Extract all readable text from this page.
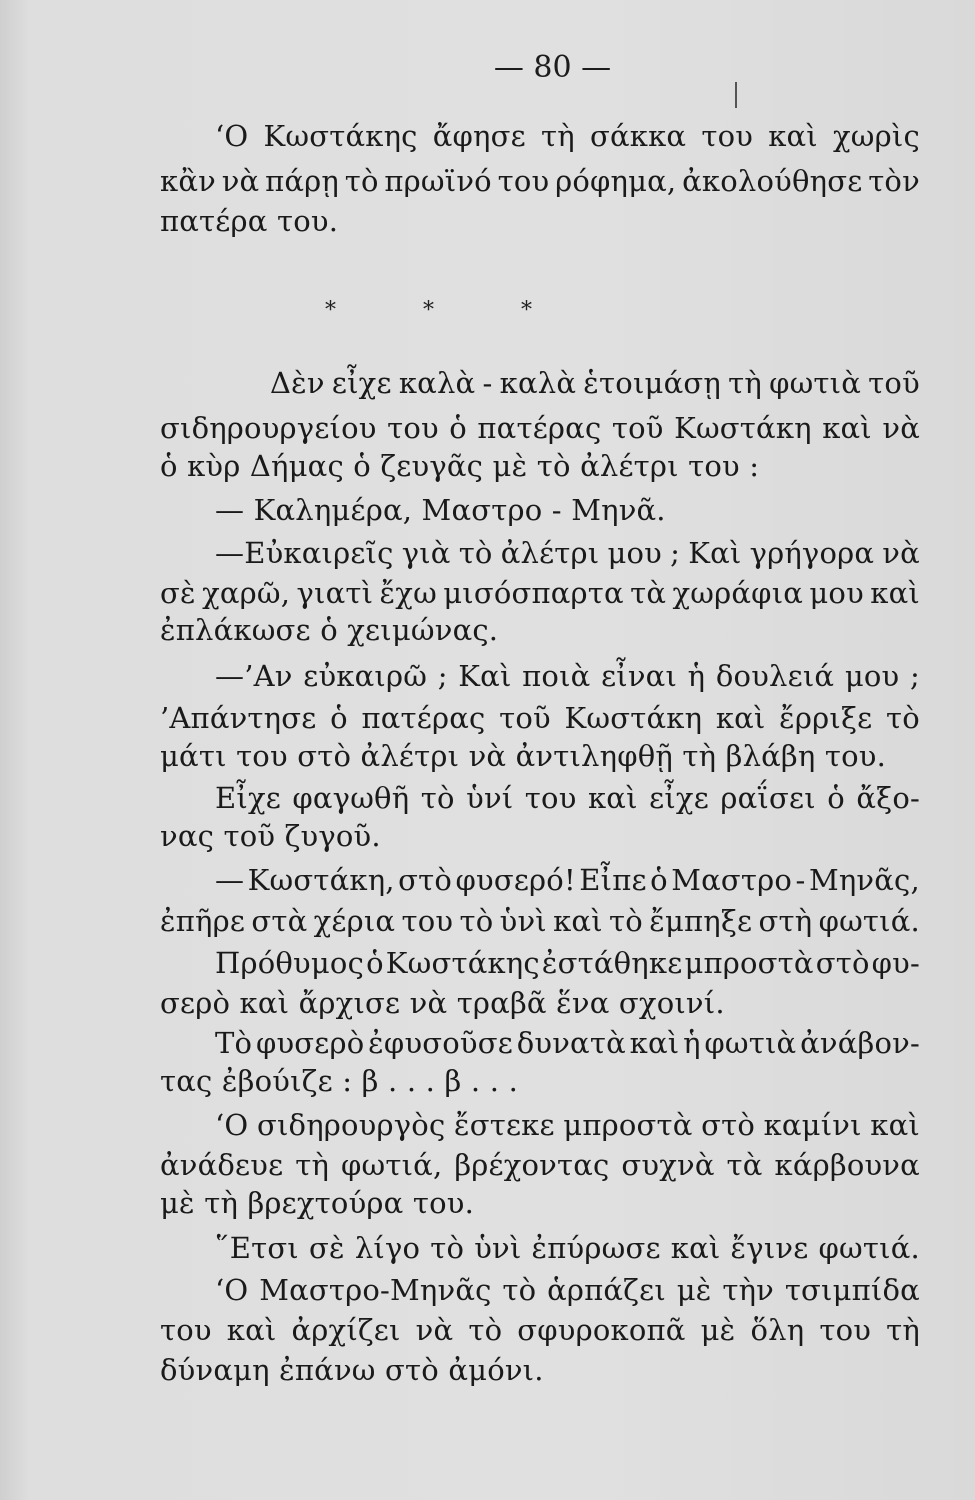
— 80 —
‘Ο Κωστάκης ἄφησε τὴ σάκκα του καὶ χωρὶς
κἂν νὰ πάρῃ τὸ πρωϊνό του ρόφημα, ἀκολούθησε τὸν
πατέρα του.
Δὲν εἶχε καλὰ - καλὰ ἑτοιμάσῃ τὴ φωτιὰ τοῦ
σιδηρουργείου του ὁ πατέρας τοῦ Κωστάκη καὶ νὰ
ὁ κὺρ Δήμας ὁ ζευγᾶς μὲ τὸ ἀλέτρι του :
— Καλημέρα, Μαστρο - Μηνᾶ.
—Εὐκαιρεῖς γιὰ τὸ ἀλέτρι μου ; Καὶ γρήγορα νὰ
σὲ χαρῶ, γιατὶ ἔχω μισόσπαρτα τὰ χωράφια μου καὶ
ἐπλάκωσε ὁ χειμώνας.
—’Αν εὐκαιρῶ ; Καὶ ποιὰ εἶναι ἡ δουλειά μου ;
’Απάντησε ὁ πατέρας τοῦ Κωστάκη καὶ ἔρριξε τὸ
μάτι του στὸ ἀλέτρι νὰ ἀντιληφθῇ τὴ βλάβη του.
Εἶχε φαγωθῆ τὸ ὑνί του καὶ εἶχε ραΐσει ὁ ἄξο-
νας τοῦ ζυγοῦ.
— Κωστάκη, στὸ φυσερό! Εἶπε ὁ Μαστρο - Μηνᾶς,
ἐπῆρε στὰ χέρια του τὸ ὑνὶ καὶ τὸ ἔμπηξε στὴ φωτιά.
Πρόθυμος ὁ Κωστάκης ἐστάθηκε μπροστὰ στὸ φυ-
σερὸ καὶ ἄρχισε νὰ τραβᾶ ἕνα σχοινί.
Τὸ φυσερὸ ἐφυσοῦσε δυνατὰ καὶ ἡ φωτιὰ ἀνάβον-
τας ἐβούιζε : β . . . β . . .
‘Ο σιδηρουργὸς ἔστεκε μπροστὰ στὸ καμίνι καὶ
ἀνάδευε τὴ φωτιά, βρέχοντας συχνὰ τὰ κάρβουνα
μὲ τὴ βρεχτούρα του.
῞Ετσι σὲ λίγο τὸ ὑνὶ ἐπύρωσε καὶ ἔγινε φωτιά.
‘Ο Μαστρο-Μηνᾶς τὸ ἁρπάζει μὲ τὴν τσιμπίδα
του καὶ ἀρχίζει νὰ τὸ σφυροκοπᾶ μὲ ὅλη του τὴ
δύναμη ἐπάνω στὸ ἀμόνι.
* * *
